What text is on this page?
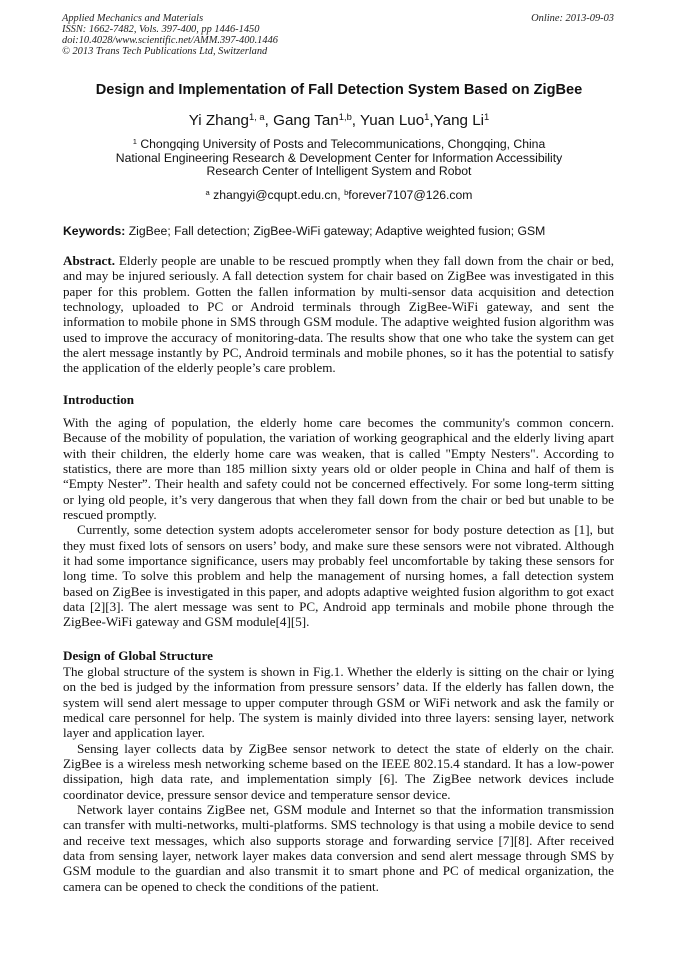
Applied Mechanics and Materials
ISSN: 1662-7482, Vols. 397-400, pp 1446-1450
doi:10.4028/www.scientific.net/AMM.397-400.1446
© 2013 Trans Tech Publications Ltd, Switzerland
Online: 2013-09-03
Design and Implementation of Fall Detection System Based on ZigBee
Yi Zhang$^{1, a}$, Gang Tan$^{1,b}$, Yuan Luo$^1$,Yang Li$^1$
$^1$ Chongqing University of Posts and Telecommunications, Chongqing, China
National Engineering Research & Development Center for Information Accessibility
Research Center of Intelligent System and Robot
$^a$ zhangyi@cqupt.edu.cn, $^b$forever7107@126.com
Keywords: ZigBee; Fall detection; ZigBee-WiFi gateway; Adaptive weighted fusion; GSM

Abstract. Elderly people are unable to be rescued promptly when they fall down from the chair or bed, and may be injured seriously. A fall detection system for chair based on ZigBee was investigated in this paper for this problem. Gotten the fallen information by multi-sensor data acquisition and detection technology, uploaded to PC or Android terminals through ZigBee-WiFi gateway, and sent the information to mobile phone in SMS through GSM module. The adaptive weighted fusion algorithm was used to improve the accuracy of monitoring-data. The results show that one who take the system can get the alert message instantly by PC, Android terminals and mobile phones, so it has the potential to satisfy the application of the elderly people’s care problem.

Introduction

With the aging of population, the elderly home care becomes the community's common concern. Because of the mobility of population, the variation of working geographical and the elderly living apart with their children, the elderly home care was weaken, that is called "Empty Nesters". According to statistics, there are more than 185 million sixty years old or older people in China and half of them is “Empty Nester”. Their health and safety could not be concerned effectively. For some long-term sitting or lying old people, it’s very dangerous that when they fall down from the chair or bed but unable to be rescued promptly.

Currently, some detection system adopts accelerometer sensor for body posture detection as [1], but they must fixed lots of sensors on users’ body, and make sure these sensors were not vibrated. Although it had some importance significance, users may probably feel uncomfortable by taking these sensors for long time. To solve this problem and help the management of nursing homes, a fall detection system based on ZigBee is investigated in this paper, and adopts adaptive weighted fusion algorithm to got exact data [2][3]. The alert message was sent to PC, Android app terminals and mobile phone through the ZigBee-WiFi gateway and GSM module[4][5].

Design of Global Structure

The global structure of the system is shown in Fig.1. Whether the elderly is sitting on the chair or lying on the bed is judged by the information from pressure sensors’ data. If the elderly has fallen down, the system will send alert message to upper computer through GSM or WiFi network and ask the family or medical care personnel for help. The system is mainly divided into three layers: sensing layer, network layer and application layer.

Sensing layer collects data by ZigBee sensor network to detect the state of elderly on the chair. ZigBee is a wireless mesh networking scheme based on the IEEE 802.15.4 standard. It has a low-power dissipation, high data rate, and implementation simply [6]. The ZigBee network devices include coordinator device, pressure sensor device and temperature sensor device.

Network layer contains ZigBee net, GSM module and Internet so that the information transmission can transfer with multi-networks, multi-platforms. SMS technology is that using a mobile device to send and receive text messages, which also supports storage and forwarding service [7][8]. After received data from sensing layer, network layer makes data conversion and send alert message through SMS by GSM module to the guardian and also transmit it to smart phone and PC of medical organization, the camera can be opened to check the conditions of the patient.
